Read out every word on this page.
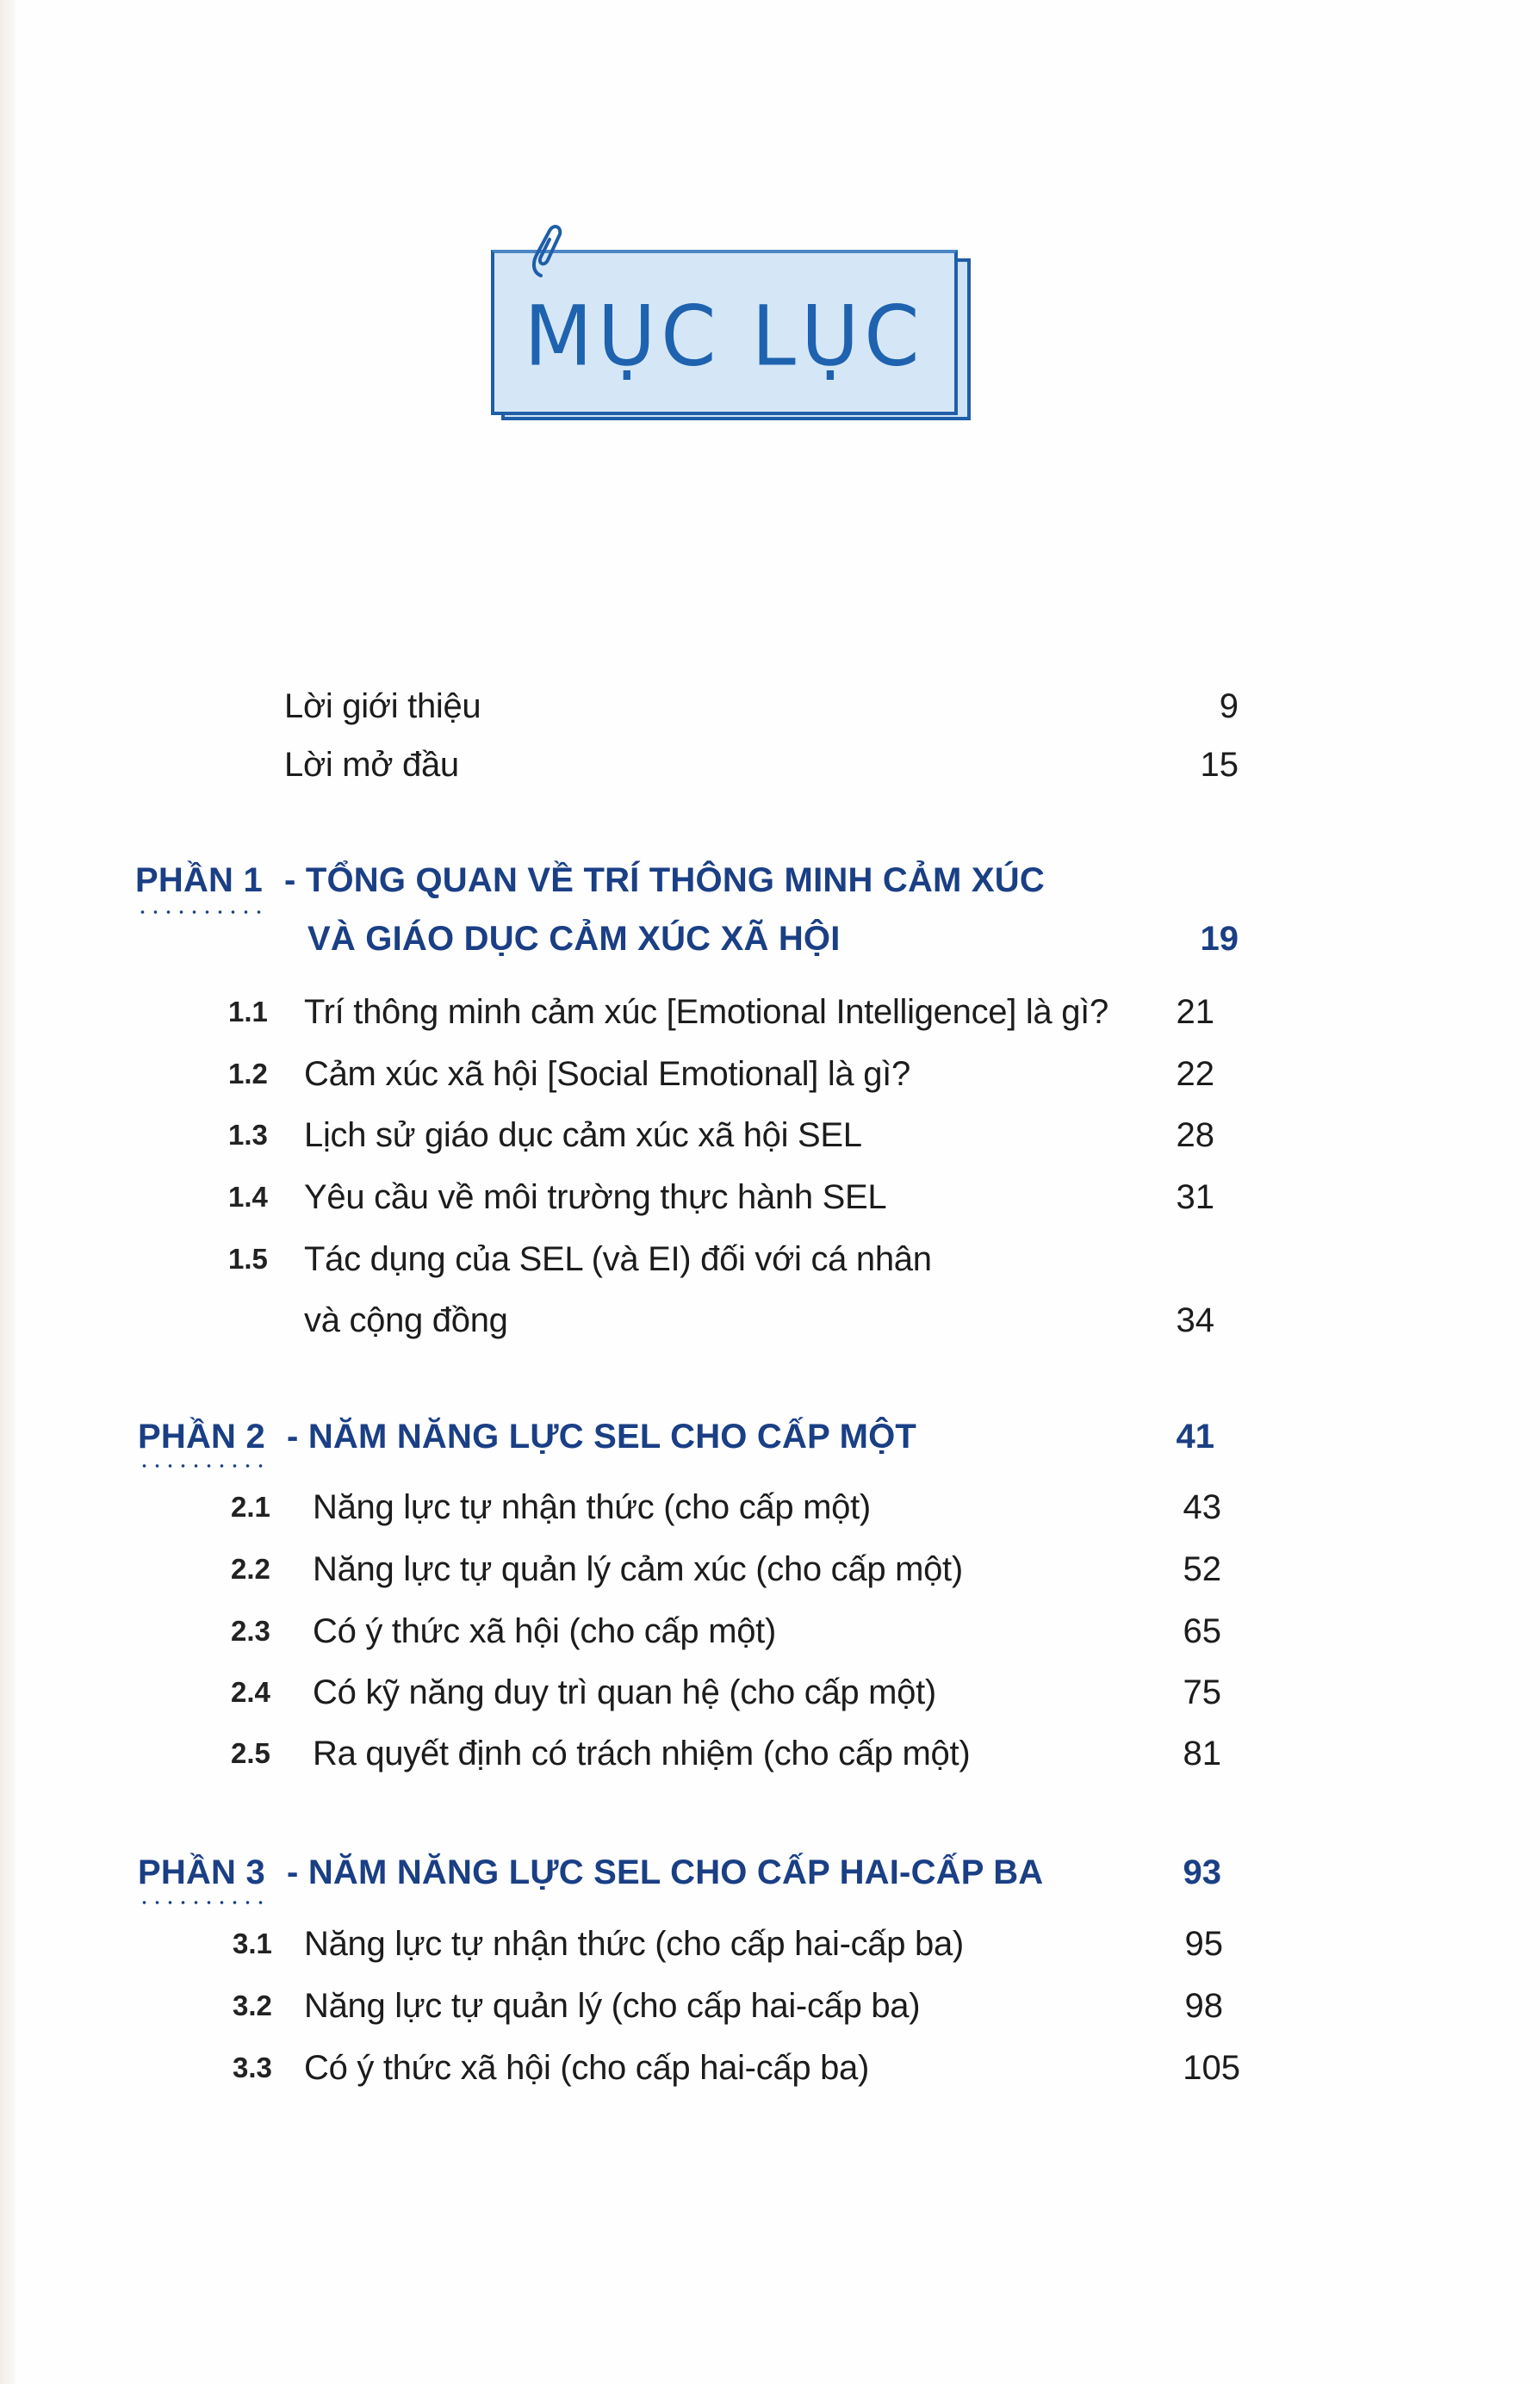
MỤC LỤC
Lời giới thiệu	9
Lời mở đầu	15
PHẦN 1 - TỔNG QUAN VỀ TRÍ THÔNG MINH CẢM XÚC
VÀ GIÁO DỤC CẢM XÚC XÃ HỘI	19
1.1 Trí thông minh cảm xúc [Emotional Intelligence] là gì? 21
1.2 Cảm xúc xã hội [Social Emotional] là gì?	22
1.3 Lịch sử giáo dục cảm xúc xã hội SEL	28
1.4 Yêu cầu về môi trường thực hành SEL	31
1.5 Tác dụng của SEL (và EI) đối với cá nhân
và cộng đồng	34
PHẦN 2 - NĂM NĂNG LỰC SEL CHO CẤP MỘT	41
2.1 Năng lực tự nhận thức (cho cấp một)	43
2.2 Năng lực tự quản lý cảm xúc (cho cấp một)	52
2.3 Có ý thức xã hội (cho cấp một)	65
2.4 Có kỹ năng duy trì quan hệ (cho cấp một)	75
2.5 Ra quyết định có trách nhiệm (cho cấp một)	81
PHẦN 3 - NĂM NĂNG LỰC SEL CHO CẤP HAI-CẤP BA	93
3.1 Năng lực tự nhận thức (cho cấp hai-cấp ba)	95
3.2 Năng lực tự quản lý (cho cấp hai-cấp ba)	98
3.3 Có ý thức xã hội (cho cấp hai-cấp ba)	105
